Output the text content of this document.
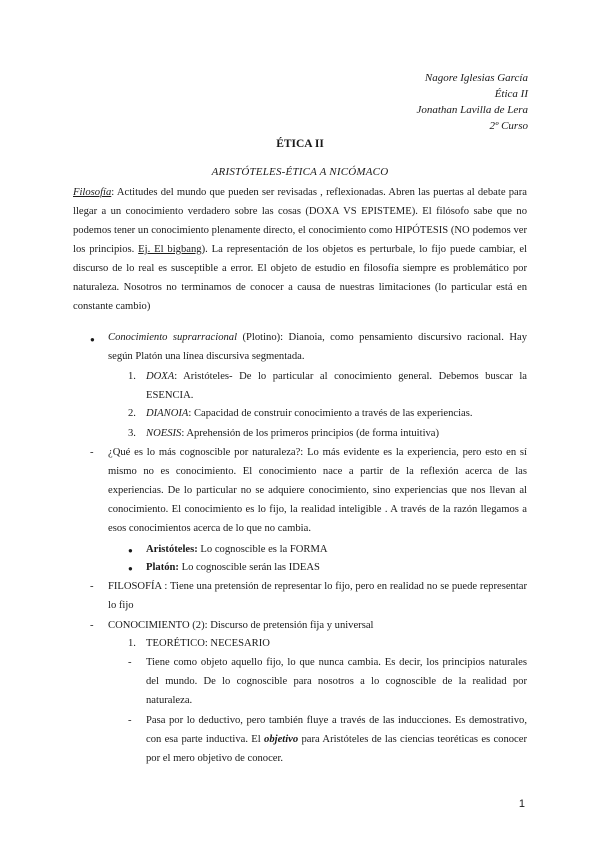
Nagore Iglesias García
Ética II
Jonathan Lavilla de Lera
2º Curso
ÉTICA II
ARISTÓTELES-ÉTICA A NICÓMACO
Filosofía: Actitudes del mundo que pueden ser revisadas , reflexionadas. Abren las puertas al debate para llegar a un conocimiento verdadero sobre las cosas (DOXA VS EPISTEME). El filósofo sabe que no podemos tener un conocimiento plenamente directo, el conocimiento como HIPÓTESIS (NO podemos ver los principios. Ej. El bigbang). La representación de los objetos es perturbale, lo fijo puede cambiar, el discurso de lo real es susceptible a error. El objeto de estudio en filosofía siempre es problemático por naturaleza. Nosotros no terminamos de conocer a causa de nuestras limitaciones (lo particular está en constante cambio)
● Conocimiento suprarracional (Plotino): Dianoia, como pensamiento discursivo racional. Hay según Platón una línea discursiva segmentada.
1. DOXA: Aristóteles- De lo particular al conocimiento general. Debemos buscar la ESENCIA.
2. DIANOIA: Capacidad de construir conocimiento a través de las experiencias.
3. NOESIS: Aprehensión de los primeros principios (de forma intuitiva)
- ¿Qué es lo más cognoscible por naturaleza?: Lo más evidente es la experiencia, pero esto en sí mismo no es conocimiento. El conocimiento nace a partir de la reflexión acerca de las experiencias. De lo particular no se adquiere conocimiento, sino experiencias que nos llevan al conocimiento. El conocimiento es lo fijo, la realidad inteligible . A través de la razón llegamos a esos conocimientos acerca de lo que no cambia.
● Aristóteles: Lo cognoscible es la FORMA
● Platón: Lo cognoscible serán las IDEAS
- FILOSOFÍA : Tiene una pretensión de representar lo fijo, pero en realidad no se puede representar lo fijo
- CONOCIMIENTO (2): Discurso de pretensión fija y universal
1. TEORÉTICO: NECESARIO
- Tiene como objeto aquello fijo, lo que nunca cambia. Es decir, los principios naturales del mundo. De lo cognoscible para nosotros a lo cognoscible de la realidad por naturaleza.
- Pasa por lo deductivo, pero también fluye a través de las inducciones. Es demostrativo, con esa parte inductiva. El objetivo para Aristóteles de las ciencias teoréticas es conocer por el mero objetivo de conocer.
1
